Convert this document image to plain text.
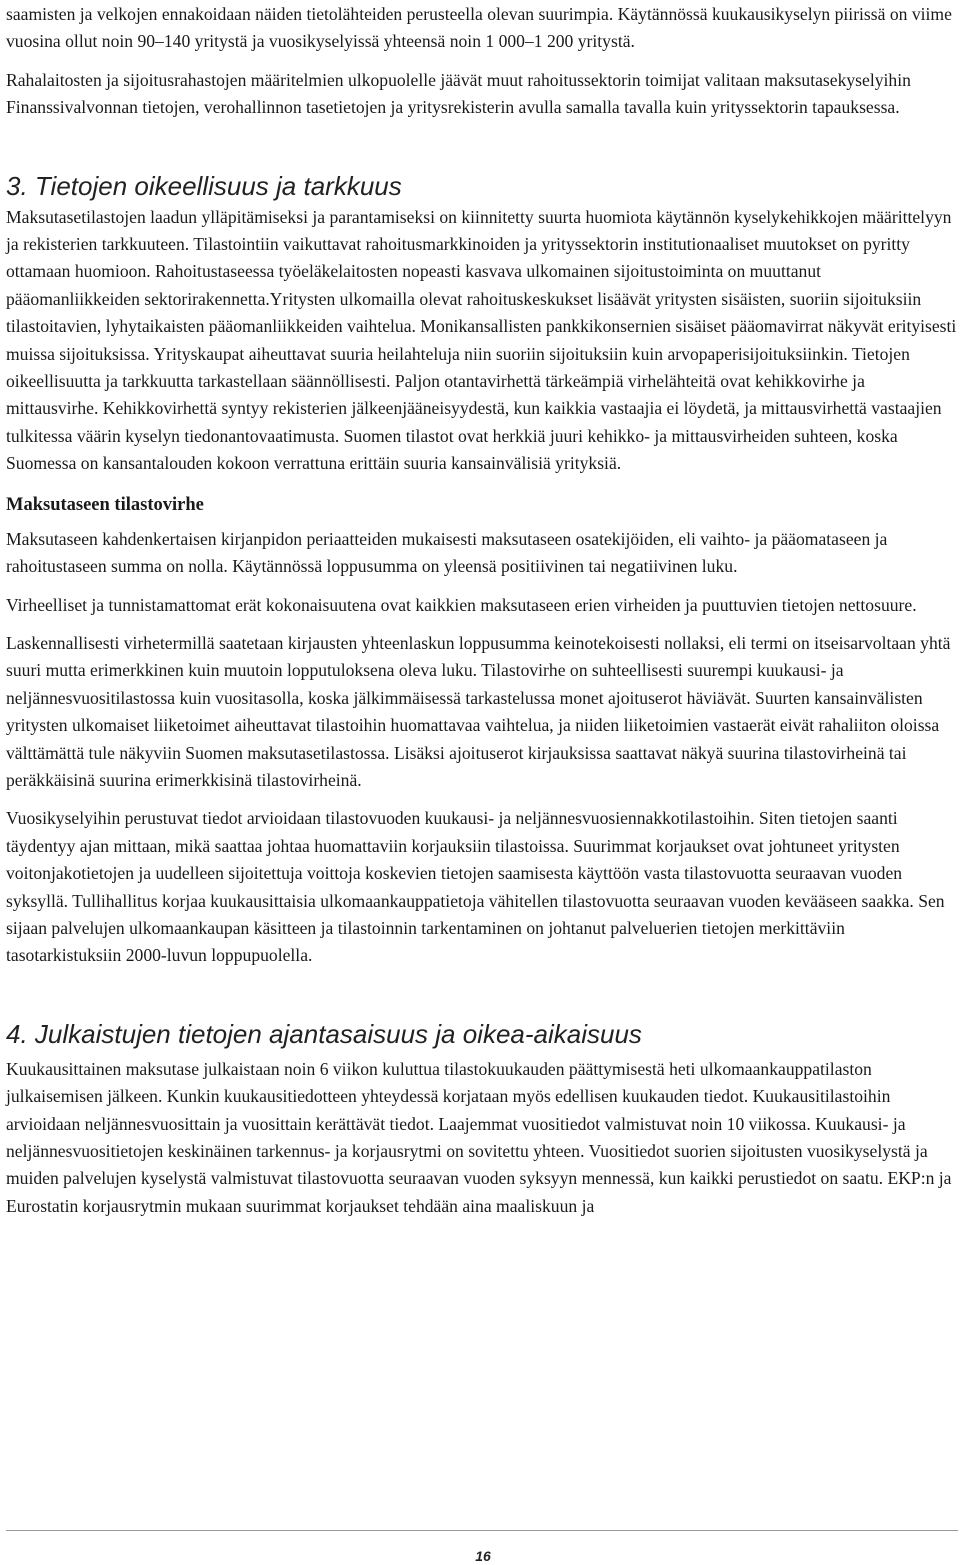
saamisten ja velkojen ennakoidaan näiden tietolähteiden perusteella olevan suurimpia. Käytännössä kuukausikyselyn piirissä on viime vuosina ollut noin 90–140 yritystä ja vuosikyselyissä yhteensä noin 1 000–1 200 yritystä.

Rahalaitosten ja sijoitusrahastojen määritelmien ulkopuolelle jäävät muut rahoitussektorin toimijat valitaan maksutasekyselyihin Finanssivalvonnan tietojen, verohallinnon tasetietojen ja yritysrekisterin avulla samalla tavalla kuin yrityssektorin tapauksessa.

3. Tietojen oikeellisuus ja tarkkuus

Maksutasetilastojen laadun ylläpitämiseksi ja parantamiseksi on kiinnitetty suurta huomiota käytännön kyselykehikkojen määrittelyyn ja rekisterien tarkkuuteen. Tilastointiin vaikuttavat rahoitusmarkkinoiden ja yrityssektorin institutionaaliset muutokset on pyritty ottamaan huomioon. Rahoitustaseessa työeläkelaitosten nopeasti kasvava ulkomainen sijoitustoiminta on muuttanut pääomanliikkeiden sektorirakennetta.Yritysten ulkomailla olevat rahoituskeskukset lisäävät yritysten sisäisten, suoriin sijoituksiin tilastoitavien, lyhytaikaisten pääomanliikkeiden vaihtelua. Monikansallisten pankkikonsernien sisäiset pääomavirrat näkyvät erityisesti muissa sijoituksissa. Yrityskaupat aiheuttavat suuria heilahteluja niin suoriin sijoituksiin kuin arvopaperisijoituksiinkin. Tietojen oikeellisuutta ja tarkkuutta tarkastellaan säännöllisesti. Paljon otantavirhettä tärkeämpiä virhelähteitä ovat kehikkovirhe ja mittausvirhe. Kehikkovirhettä syntyy rekisterien jälkeenjääneisyydestä, kun kaikkia vastaajia ei löydetä, ja mittausvirhettä vastaajien tulkitessa väärin kyselyn tiedonantovaatimusta. Suomen tilastot ovat herkkiä juuri kehikko- ja mittausvirheiden suhteen, koska Suomessa on kansantalouden kokoon verrattuna erittäin suuria kansainvälisiä yrityksiä.

Maksutaseen tilastovirhe

Maksutaseen kahdenkertaisen kirjanpidon periaatteiden mukaisesti maksutaseen osatekijöiden, eli vaihto- ja pääomataseen ja rahoitustaseen summa on nolla. Käytännössä loppusumma on yleensä positiivinen tai negatiivinen luku.

Virheelliset ja tunnistamattomat erät kokonaisuutena ovat kaikkien maksutaseen erien virheiden ja puuttuvien tietojen nettosuure.

Laskennallisesti virhetermillä saatetaan kirjausten yhteenlaskun loppusumma keinotekoisesti nollaksi, eli termi on itseisarvoltaan yhtä suuri mutta erimerkkinen kuin muutoin lopputuloksena oleva luku. Tilastovirhe on suhteellisesti suurempi kuukausi- ja neljännesvuositilastossa kuin vuositasolla, koska jälkimmäisessä tarkastelussa monet ajoituserot häviävät. Suurten kansainvälisten yritysten ulkomaiset liiketoimet aiheuttavat tilastoihin huomattavaa vaihtelua, ja niiden liiketoimien vastaerät eivät rahaliiton oloissa välttämättä tule näkyviin Suomen maksutasetilastossa. Lisäksi ajoituserot kirjauksissa saattavat näkyä suurina tilastovirheinä tai peräkkäisinä suurina erimerkkisinä tilastovirheinä.

Vuosikyselyihin perustuvat tiedot arvioidaan tilastovuoden kuukausi- ja neljännesvuosiennakkotilastoihin. Siten tietojen saanti täydentyy ajan mittaan, mikä saattaa johtaa huomattaviin korjauksiin tilastoissa. Suurimmat korjaukset ovat johtuneet yritysten voitonjakotietojen ja uudelleen sijoitettuja voittoja koskevien tietojen saamisesta käyttöön vasta tilastovuotta seuraavan vuoden syksyllä. Tullihallitus korjaa kuukausittaisia ulkomaankauppatietoja vähitellen tilastovuotta seuraavan vuoden kevääseen saakka. Sen sijaan palvelujen ulkomaankaupan käsitteen ja tilastoinnin tarkentaminen on johtanut palveluerien tietojen merkittäviin tasotarkistuksiin 2000-luvun loppupuolella.

4. Julkaistujen tietojen ajantasaisuus ja oikea-aikaisuus

Kuukausittainen maksutase julkaistaan noin 6 viikon kuluttua tilastokuukauden päättymisestä heti ulkomaankauppatilaston julkaisemisen jälkeen. Kunkin kuukausitiedotteen yhteydessä korjataan myös edellisen kuukauden tiedot. Kuukausitilastoihin arvioidaan neljännesvuosittain ja vuosittain kerättävät tiedot. Laajemmat vuositiedot valmistuvat noin 10 viikossa. Kuukausi- ja neljännesvuositietojen keskinäinen tarkennus- ja korjausrytmi on sovitettu yhteen. Vuositiedot suorien sijoitusten vuosikyselystä ja muiden palvelujen kyselystä valmistuvat tilastovuotta seuraavan vuoden syksyyn mennessä, kun kaikki perustiedot on saatu. EKP:n ja Eurostatin korjausrytmin mukaan suurimmat korjaukset tehdään aina maaliskuun ja

16
